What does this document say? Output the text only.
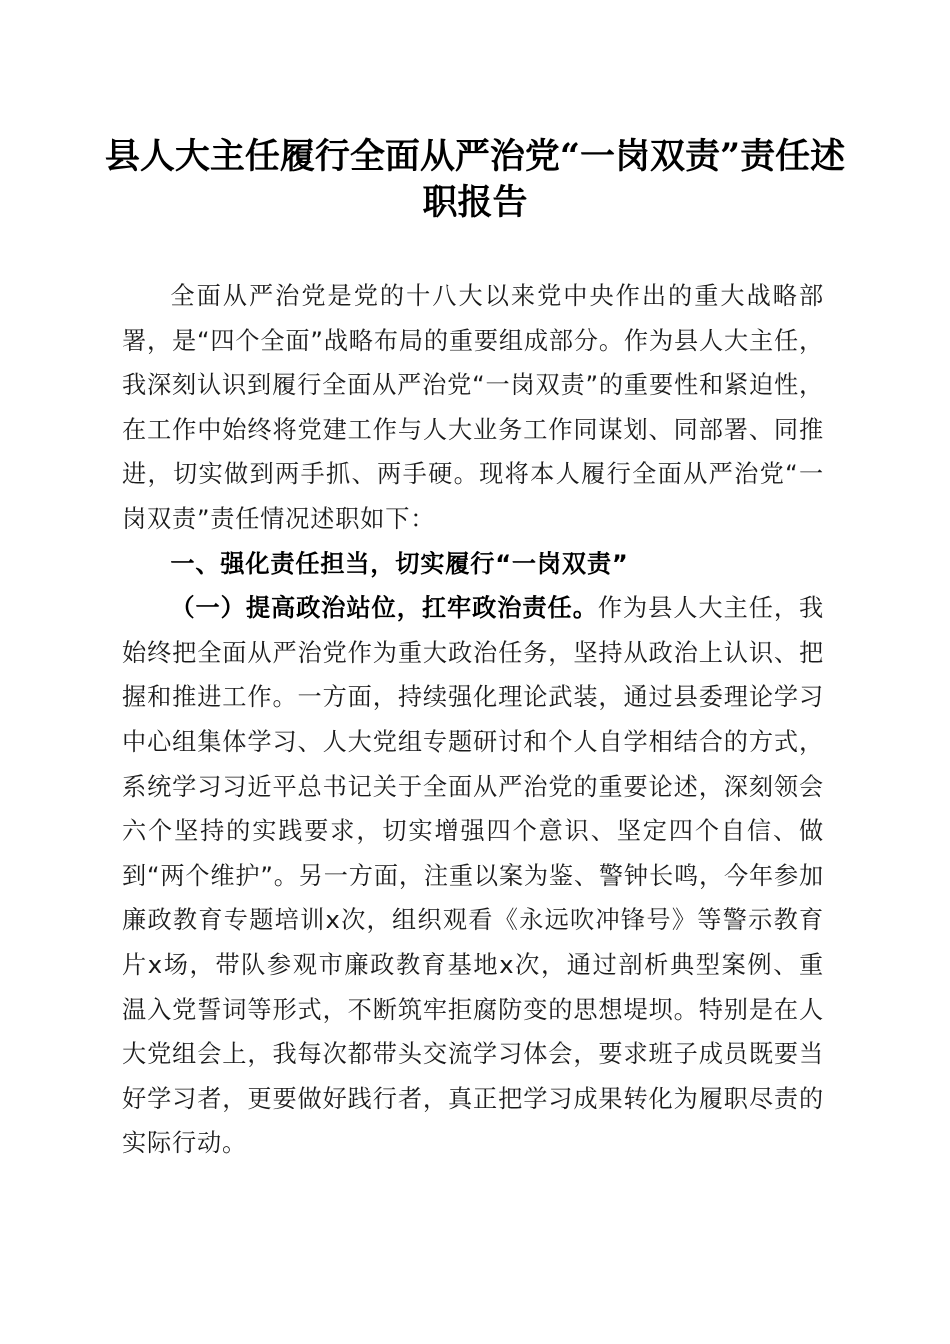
县人大主任履行全面从严治党“一岗双责”责任述职报告

全面从严治党是党的十八大以来党中央作出的重大战略部署，是“四个全面”战略布局的重要组成部分。作为县人大主任，我深刻认识到履行全面从严治党“一岗双责”的重要性和紧迫性，在工作中始终将党建工作与人大业务工作同谋划、同部署、同推进，切实做到两手抓、两手硬。现将本人履行全面从严治党“一岗双责”责任情况述职如下：

一、强化责任担当，切实履行“一岗双责”

（一）提高政治站位，扛牢政治责任。作为县人大主任，我始终把全面从严治党作为重大政治任务，坚持从政治上认识、把握和推进工作。一方面，持续强化理论武装，通过县委理论学习中心组集体学习、人大党组专题研讨和个人自学相结合的方式，系统学习习近平总书记关于全面从严治党的重要论述，深刻领会六个坚持的实践要求，切实增强四个意识、坚定四个自信、做到“两个维护”。另一方面，注重以案为鉴、警钟长鸣，今年参加廉政教育专题培训x次，组织观看《永远吹冲锋号》等警示教育片x场，带队参观市廉政教育基地x次，通过剖析典型案例、重温入党誓词等形式，不断筑牢拒腐防变的思想堤坝。特别是在人大党组会上，我每次都带头交流学习体会，要求班子成员既要当好学习者，更要做好践行者，真正把学习成果转化为履职尽责的实际行动。
